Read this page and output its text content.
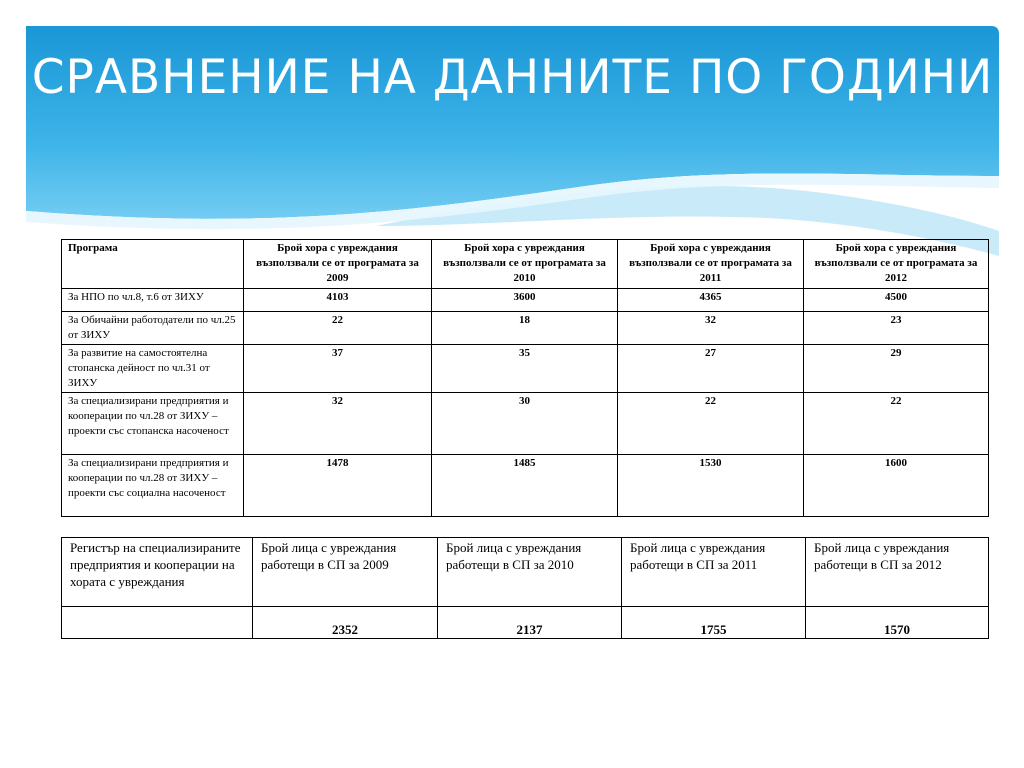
СРАВНЕНИЕ НА ДАННИТЕ ПО ГОДИНИ
Програма	Брой хора с увреждания възползвали се от програмата за 2009	Брой хора с увреждания възползвали се от програмата за 2010	Брой хора с увреждания възползвали се от програмата за 2011	Брой хора с увреждания възползвали се от програмата за 2012
За НПО по чл.8, т.6 от ЗИХУ	4103	3600	4365	4500
За Обичайни работодатели по чл.25 от ЗИХУ	22	18	32	23
За развитие на самостоятелна стопанска дейност по чл.31 от ЗИХУ	37	35	27	29
За специализирани предприятия и кооперации по чл.28 от ЗИХУ – проекти със стопанска насоченост	32	30	22	22
За специализирани предприятия и кооперации по чл.28 от ЗИХУ – проекти със социална насоченост	1478	1485	1530	1600
Регистър на специализираните предприятия и кооперации на хората с увреждания	Брой лица с увреждания работещи в СП за 2009	Брой лица с увреждания работещи в СП за 2010	Брой лица с увреждания работещи в СП за 2011	Брой лица с увреждания работещи в СП за 2012
	2352	2137	1755	1570
